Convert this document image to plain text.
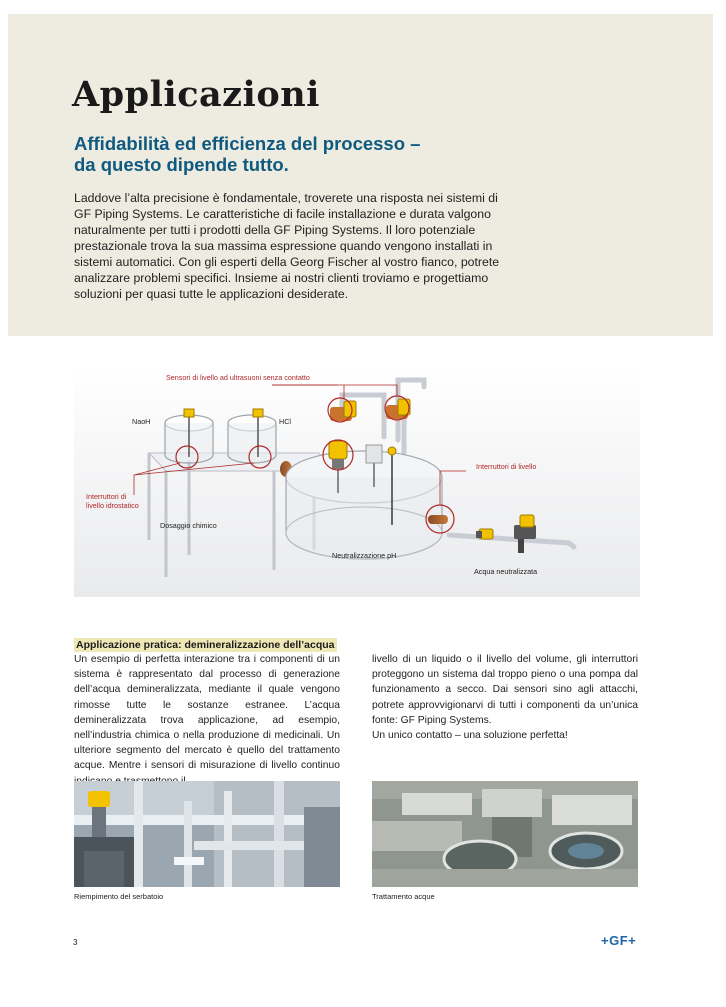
Applicazioni
Affidabilità ed efficienza del processo –
da questo dipende tutto.

Laddove l’alta precisione è fondamentale, troverete una risposta nei sistemi di GF Piping Systems. Le caratteristiche di facile installazione e durata valgono naturalmente per tutti i prodotti della GF Piping Systems. Il loro potenziale prestazionale trova la sua massima espressione quando vengono installati in sistemi automatici. Con gli esperti della Georg Fischer al vostro fianco, potrete analizzare problemi specifici. Insieme ai nostri clienti troviamo e progettiamo soluzioni per quasi tutte le applicazioni desiderate.

Sensori di livello ad ultrasuoni senza contatto
NaoH	HCl
Interruttori di livello
Interruttori di
livello idrostatico
Dosaggio chimico
Neutralizzazione pH
Acqua neutralizzata
Applicazione pratica: demineralizzazione dell’acqua

Un esempio di perfetta interazione tra i componenti di un sistema è rappresentato dal processo di generazione dell’acqua demineralizzata, mediante il quale vengono rimosse tutte le sostanze estranee. L’acqua demineralizzata trova applicazione, ad esempio, nell’industria chimica o nella produzione di medicinali. Un ulteriore segmento del mercato è quello del trattamento acque. Mentre i sensori di misurazione di livello continuo

livello di un liquido o il livello del volume, gli interruttori proteggono un sistema dal troppo pieno o una pompa dal funzionamento a secco. Dai sensori sino agli attacchi, potrete approvvigionarvi di tutti i componenti da un’unica fonte: GF Piping Systems.
Un unico contatto – una soluzione perfetta!

Riempimento del serbatoio	Trattamento acque

3	+GF+
